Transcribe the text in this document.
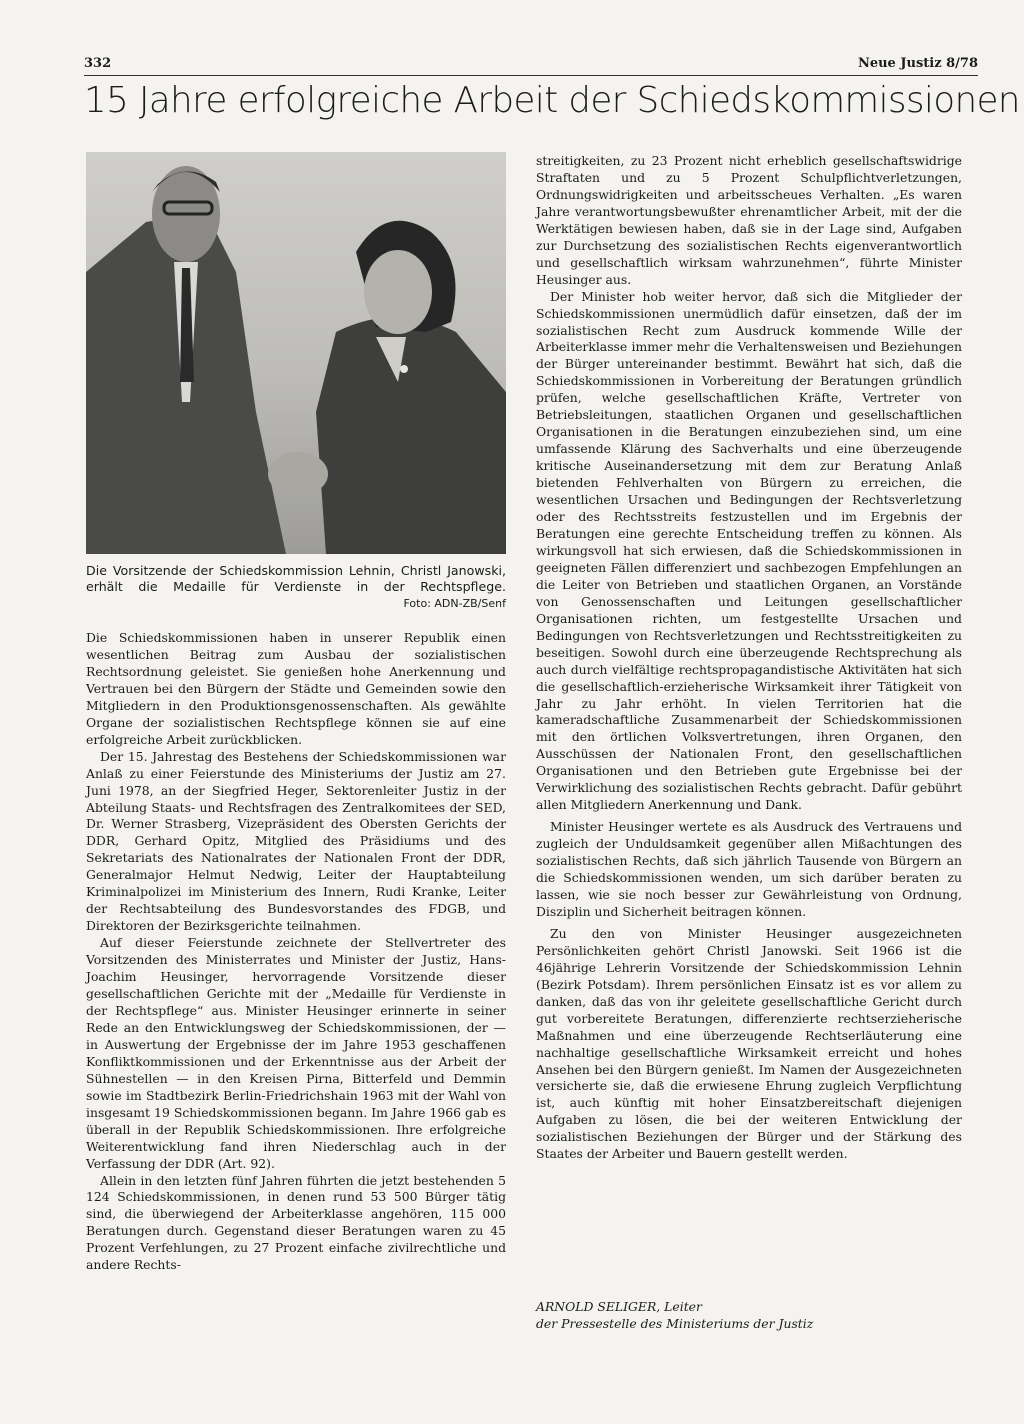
332	Neue Justiz 8/78
15 Jahre erfolgreiche Arbeit der Schiedskommissionen

Die Vorsitzende der Schiedskommission Lehnin, Christl Janowski, erhält die Medaille für Verdienste in der Rechtspflege.

Foto: ADN-ZB/Senf

Die Schiedskommissionen haben in unserer Republik einen wesentlichen Beitrag zum Ausbau der sozialistischen Rechtsordnung geleistet. Sie genießen hohe Anerkennung und Vertrauen bei den Bürgern der Städte und Gemeinden sowie den Mitgliedern in den Produktionsgenossenschaften. Als gewählte Organe der sozialistischen Rechtspflege können sie auf eine erfolgreiche Arbeit zurückblicken.

Der 15. Jahrestag des Bestehens der Schiedskommissionen war Anlaß zu einer Feierstunde des Ministeriums der Justiz am 27. Juni 1978, an der Siegfried Heger, Sektorenleiter Justiz in der Abteilung Staats- und Rechtsfragen des Zentralkomitees der SED, Dr. Werner Strasberg, Vizepräsident des Obersten Gerichts der DDR, Gerhard Opitz, Mitglied des Präsidiums und des Sekretariats des Nationalrates der Nationalen Front der DDR, Generalmajor Helmut Nedwig, Leiter der Hauptabteilung Kriminalpolizei im Ministerium des Innern, Rudi Kranke, Leiter der Rechtsabteilung des Bundesvorstandes des FDGB, und Direktoren der Bezirksgerichte teilnahmen.

Auf dieser Feierstunde zeichnete der Stellvertreter des Vorsitzenden des Ministerrates und Minister der Justiz, Hans-Joachim Heusinger, hervorragende Vorsitzende dieser gesellschaftlichen Gerichte mit der „Medaille für Verdienste in der Rechtspflege“ aus. Minister Heusinger erinnerte in seiner Rede an den Entwicklungsweg der Schiedskommissionen, der — in Auswertung der Ergebnisse der im Jahre 1953 geschaffenen Konfliktkommissionen und der Erkenntnisse aus der Arbeit der Sühnestellen — in den Kreisen Pirna, Bitterfeld und Demmin sowie im Stadtbezirk Berlin-Friedrichshain 1963 mit der Wahl von insgesamt 19 Schiedskommissionen begann. Im Jahre 1966 gab es überall in der Republik Schiedskommissionen. Ihre erfolgreiche Weiterentwicklung fand ihren Niederschlag auch in der Verfassung der DDR (Art. 92).

Allein in den letzten fünf Jahren führten die jetzt bestehenden 5 124 Schiedskommissionen, in denen rund 53 500 Bürger tätig sind, die überwiegend der Arbeiterklasse angehören, 115 000 Beratungen durch. Gegenstand dieser Beratungen waren zu 45 Prozent Verfehlungen, zu 27 Prozent einfache zivilrechtliche und andere Rechts-

streitigkeiten, zu 23 Prozent nicht erheblich gesellschaftswidrige Straftaten und zu 5 Prozent Schulpflichtverletzungen, Ordnungswidrigkeiten und arbeitsscheues Verhalten. „Es waren Jahre verantwortungsbewußter ehrenamtlicher Arbeit, mit der die Werktätigen bewiesen haben, daß sie in der Lage sind, Aufgaben zur Durchsetzung des sozialistischen Rechts eigenverantwortlich und gesellschaftlich wirksam wahrzunehmen“, führte Minister Heusinger aus.

Der Minister hob weiter hervor, daß sich die Mitglieder der Schiedskommissionen unermüdlich dafür einsetzen, daß der im sozialistischen Recht zum Ausdruck kommende Wille der Arbeiterklasse immer mehr die Verhaltensweisen und Beziehungen der Bürger untereinander bestimmt. Bewährt hat sich, daß die Schiedskommissionen in Vorbereitung der Beratungen gründlich prüfen, welche gesellschaftlichen Kräfte, Vertreter von Betriebsleitungen, staatlichen Organen und gesellschaftlichen Organisationen in die Beratungen einzubeziehen sind, um eine umfassende Klärung des Sachverhalts und eine überzeugende kritische Auseinandersetzung mit dem zur Beratung Anlaß bietenden Fehlverhalten von Bürgern zu erreichen, die wesentlichen Ursachen und Bedingungen der Rechtsverletzung oder des Rechtsstreits festzustellen und im Ergebnis der Beratungen eine gerechte Entscheidung treffen zu können. Als wirkungsvoll hat sich erwiesen, daß die Schiedskommissionen in geeigneten Fällen differenziert und sachbezogen Empfehlungen an die Leiter von Betrieben und staatlichen Organen, an Vorstände von Genossenschaften und Leitungen gesellschaftlicher Organisationen richten, um festgestellte Ursachen und Bedingungen von Rechtsverletzungen und Rechtsstreitigkeiten zu beseitigen. Sowohl durch eine überzeugende Rechtsprechung als auch durch vielfältige rechtspropagandistische Aktivitäten hat sich die gesellschaftlich-erzieherische Wirksamkeit ihrer Tätigkeit von Jahr zu Jahr erhöht. In vielen Territorien hat die kameradschaftliche Zusammenarbeit der Schiedskommissionen mit den örtlichen Volksvertretungen, ihren Organen, den Ausschüssen der Nationalen Front, den gesellschaftlichen Organisationen und den Betrieben gute Ergebnisse bei der Verwirklichung des sozialistischen Rechts gebracht. Dafür gebührt allen Mitgliedern Anerkennung und Dank.

Minister Heusinger wertete es als Ausdruck des Vertrauens und zugleich der Unduldsamkeit gegenüber allen Mißachtungen des sozialistischen Rechts, daß sich jährlich Tausende von Bürgern an die Schiedskommissionen wenden, um sich darüber beraten zu lassen, wie sie noch besser zur Gewährleistung von Ordnung, Disziplin und Sicherheit beitragen können.

Zu den von Minister Heusinger ausgezeichneten Persönlichkeiten gehört Christl Janowski. Seit 1966 ist die 46jährige Lehrerin Vorsitzende der Schiedskommission Lehnin (Bezirk Potsdam). Ihrem persönlichen Einsatz ist es vor allem zu danken, daß das von ihr geleitete gesellschaftliche Gericht durch gut vorbereitete Beratungen, differenzierte rechtserzieherische Maßnahmen und eine überzeugende Rechtserläuterung eine nachhaltige gesellschaftliche Wirksamkeit erreicht und hohes Ansehen bei den Bürgern genießt. Im Namen der Ausgezeichneten versicherte sie, daß die erwiesene Ehrung zugleich Verpflichtung ist, auch künftig mit hoher Einsatzbereitschaft diejenigen Aufgaben zu lösen, die bei der weiteren Entwicklung der sozialistischen Beziehungen der Bürger und der Stärkung des Staates der Arbeiter und Bauern gestellt werden.

ARNOLD SELIGER, Leiter
der Pressestelle des Ministeriums der Justiz
